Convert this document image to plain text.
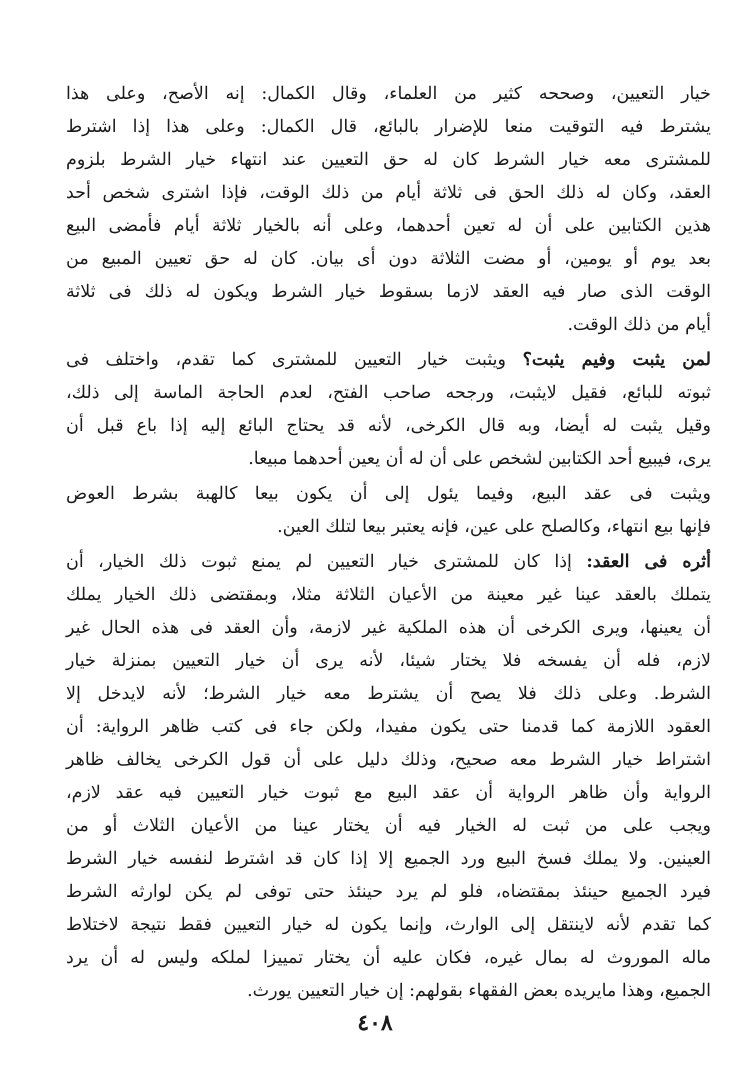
خيار التعيين، وصححه كثير من العلماء، وقال الكمال: إنه الأصح، وعلى هذا
يشترط فيه التوقيت منعا للإضرار بالبائع، قال الكمال: وعلى هذا إذا اشترط
للمشترى معه خيار الشرط كان له حق التعيين عند انتهاء خيار الشرط بلزوم
العقد، وكان له ذلك الحق فى ثلاثة أيام من ذلك الوقت، فإذا اشترى شخص أحد
هذين الكتابين على أن له تعين أحدهما، وعلى أنه بالخيار ثلاثة أيام فأمضى البيع
بعد يوم أو يومين، أو مضت الثلاثة دون أى بيان. كان له حق تعيين المبيع من
الوقت الذى صار فيه العقد لازما بسقوط خيار الشرط ويكون له ذلك فى ثلاثة
أيام من ذلك الوقت.

لمن يثبت وفيم يثبت؟ ويثبت خيار التعيين للمشترى كما تقدم، واختلف فى
ثبوته للبائع، فقيل لايثبت، ورجحه صاحب الفتح، لعدم الحاجة الماسة إلى ذلك،
وقيل يثبت له أيضا، وبه قال الكرخى، لأنه قد يحتاج البائع إليه إذا باع قبل أن
يرى، فيبيع أحد الكتابين لشخص على أن له أن يعين أحدهما مبيعا.

ويثبت فى عقد البيع، وفيما يئول إلى أن يكون بيعا كالهبة بشرط العوض
فإنها بيع انتهاء، وكالصلح على عين، فإنه يعتبر بيعا لتلك العين.

أثره فى العقد: إذا كان للمشترى خيار التعيين لم يمنع ثبوت ذلك الخيار، أن
يتملك بالعقد عينا غير معينة من الأعيان الثلاثة مثلا، وبمقتضى ذلك الخيار يملك
أن يعينها، ويرى الكرخى أن هذه الملكية غير لازمة، وأن العقد فى هذه الحال غير
لازم، فله أن يفسخه فلا يختار شيئا، لأنه يرى أن خيار التعيين بمنزلة خيار
الشرط. وعلى ذلك فلا يصح أن يشترط معه خيار الشرط؛ لأنه لايدخل إلا
العقود اللازمة كما قدمنا حتى يكون مفيدا، ولكن جاء فى كتب ظاهر الرواية: أن
اشتراط خيار الشرط معه صحيح، وذلك دليل على أن قول الكرخى يخالف ظاهر
الرواية وأن ظاهر الرواية أن عقد البيع مع ثبوت خيار التعيين فيه عقد لازم،
ويجب على من ثبت له الخيار فيه أن يختار عينا من الأعيان الثلاث أو من
العينين. ولا يملك فسخ البيع ورد الجميع إلا إذا كان قد اشترط لنفسه خيار الشرط
فيرد الجميع حينئذ بمقتضاه، فلو لم يرد حينئذ حتى توفى لم يكن لوارثه الشرط
كما تقدم لأنه لاينتقل إلى الوارث، وإنما يكون له خيار التعيين فقط نتيجة لاختلاط
ماله الموروث له بمال غيره، فكان عليه أن يختار تمييزا لملكه وليس له أن يرد
الجميع، وهذا مايريده بعض الفقهاء بقولهم: إن خيار التعيين يورث.

٤٠٨
